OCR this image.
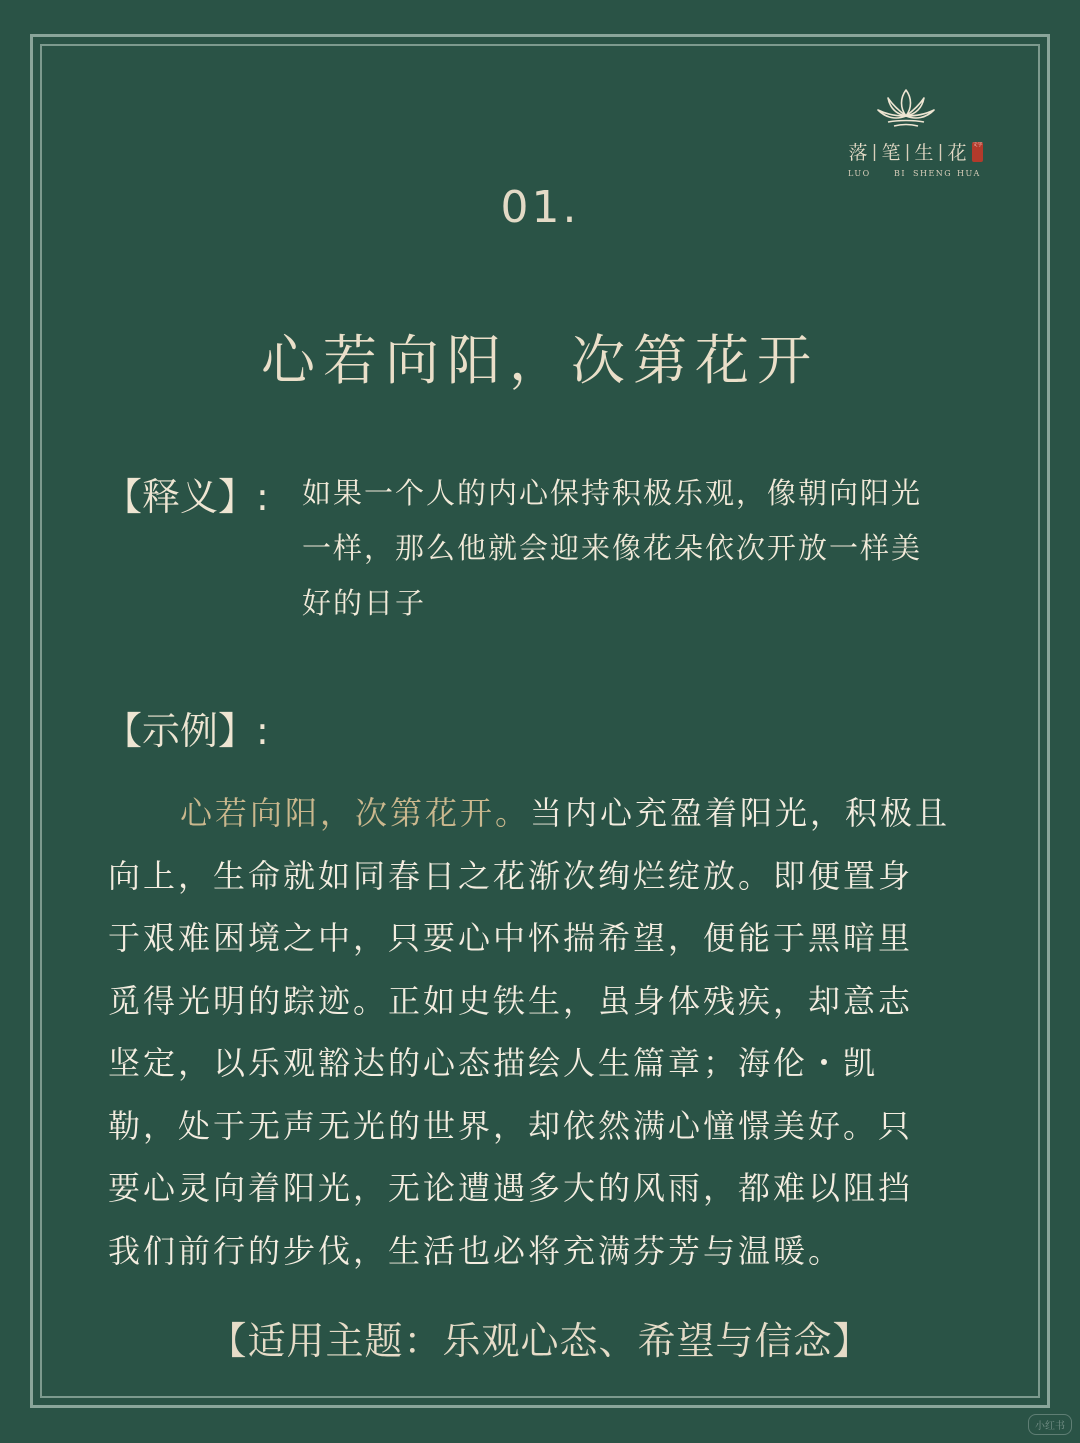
落 | 笔 | 生 | 花	文学
LUO	BI SHENG HUA
01.
心若向阳，次第花开
【释义】: 如果一个人的内心保持积极乐观，像朝向阳光
一样，那么他就会迎来像花朵依次开放一样美
好的日子
【示例】:
心若向阳，次第花开。当内心充盈着阳光，积极且
向上，生命就如同春日之花渐次绚烂绽放。即便置身
于艰难困境之中，只要心中怀揣希望，便能于黑暗里
觅得光明的踪迹。正如史铁生，虽身体残疾，却意志
坚定，以乐观豁达的心态描绘人生篇章；海伦・凯
勒，处于无声无光的世界，却依然满心憧憬美好。只
要心灵向着阳光，无论遭遇多大的风雨，都难以阻挡
我们前行的步伐，生活也必将充满芬芳与温暖。
【适用主题：乐观心态、希望与信念】
小红书
